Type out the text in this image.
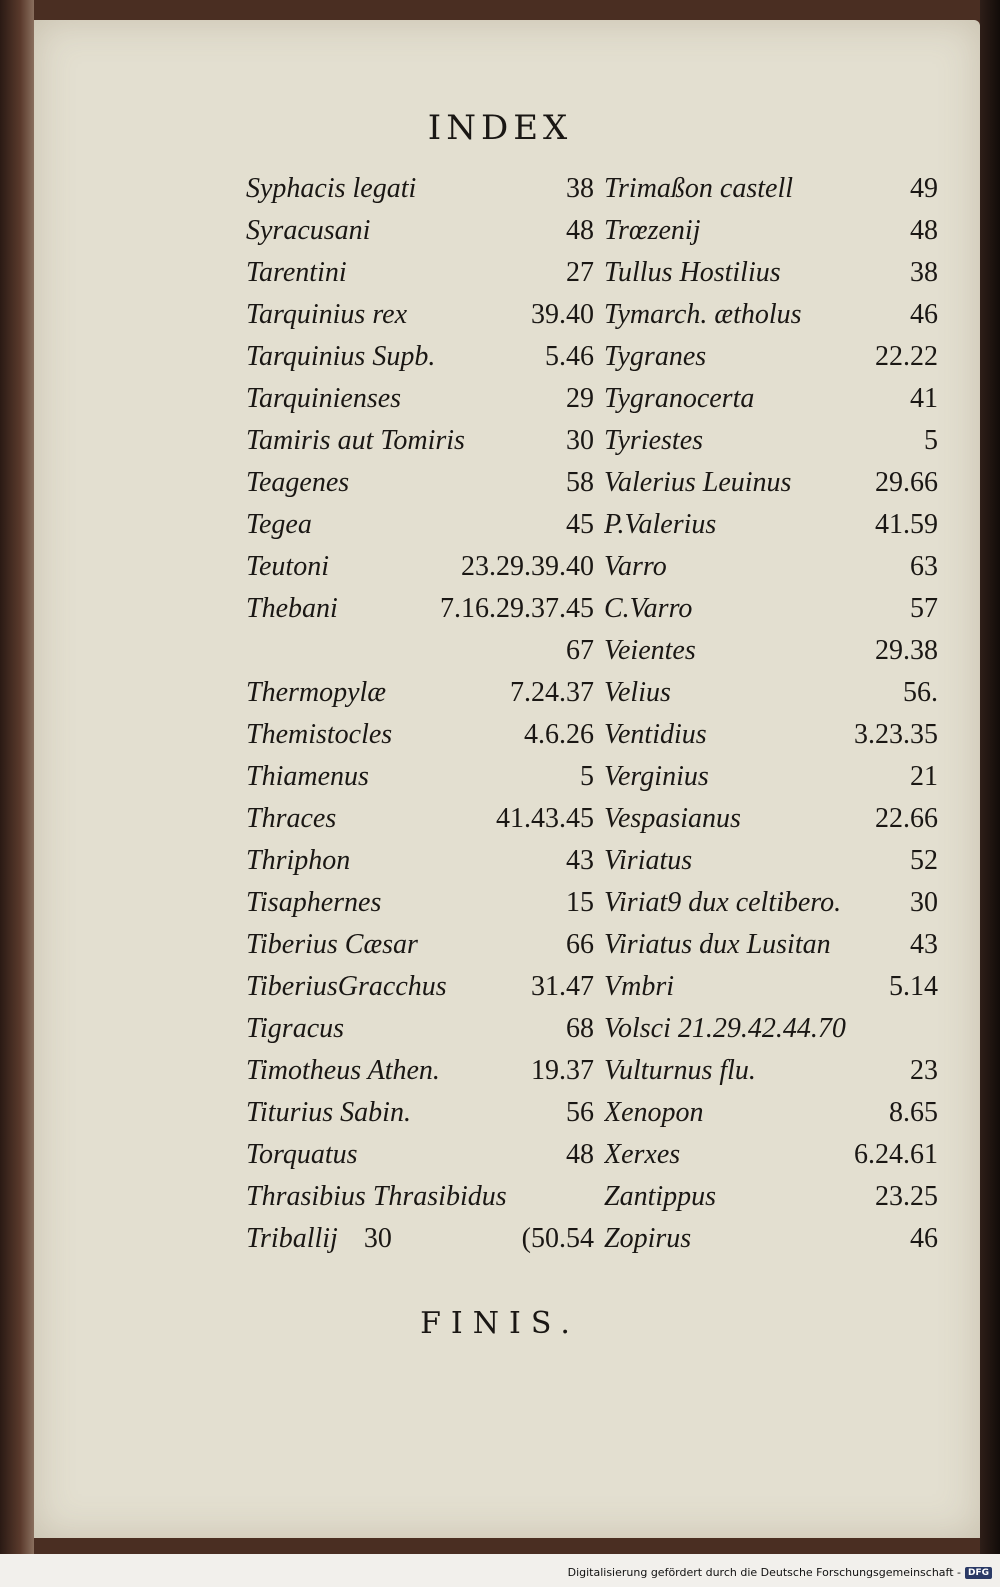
INDEX
Syphacis legati	38
Syracusani	48
Tarentini	27
Tarquinius rex	39.40
Tarquinius Supb.	5.46
Tarquinienses	29
Tamiris aut Tomiris	30
Teagenes	58
Tegea	45
Teutoni	23.29.39.40
Thebani	7.16.29.37.45
67
Thermopylæ	7.24.37
Themistocles	4.6.26
Thiamenus	5
Thraces	41.43.45
Thriphon	43
Tisaphernes	15
Tiberius Cæsar	66
TiberiusGracchus	31.47
Tigracus	68
Timotheus Athen.	19.37
Titurius Sabin.	56
Torquatus	48
Thrasibius Thrasibidus
Triballij 30	(50.54
Trimaßon castell	49
Trœzenij	48
Tullus Hostilius	38
Tymarch. ætholus	46
Tygranes	22.22
Tygranocerta	41
Tyriestes	5
Valerius Leuinus	29.66
P.Valerius	41.59
Varro	63
C.Varro	57
Veientes	29.38
Velius	56.
Ventidius	3.23.35
Verginius	21
Vespasianus	22.66
Viriatus	52
Viriat9 dux celtibero. 30
Viriatus dux Lusitan	43
Vmbri	5.14
Volsci 21.29.42.44.70
Vulturnus flu.	23
Xenopon	8.65
Xerxes	6.24.61
Zantippus	23.25
Zopirus	46
FINIS.
Digitalisierung gefördert durch die Deutsche Forschungsgemeinschaft - DFG
